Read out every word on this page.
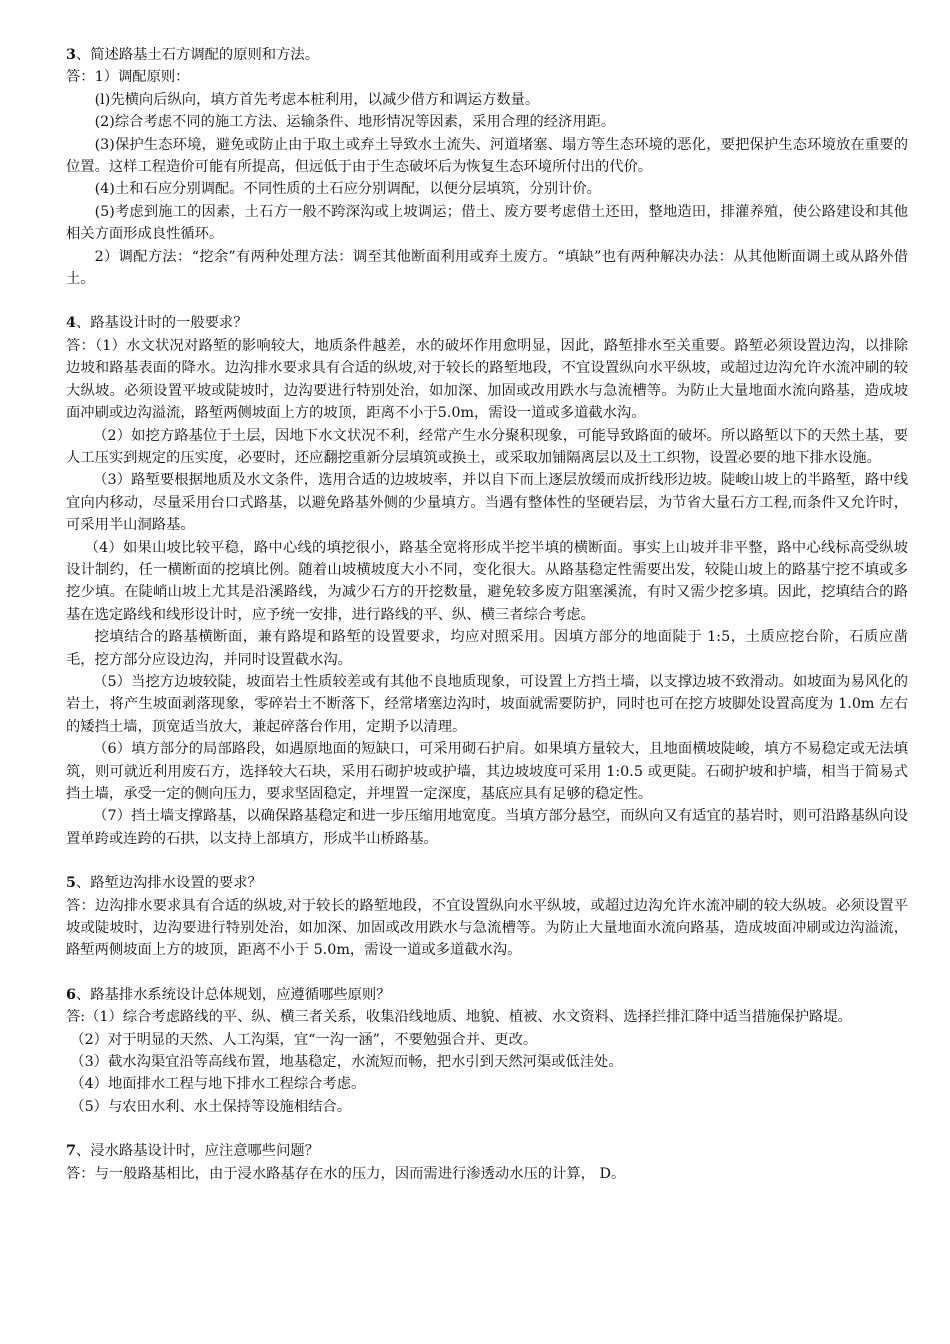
3、简述路基土石方调配的原则和方法。

答：1）调配原则：

(l)先横向后纵向，填方首先考虑本桩利用，以减少借方和调运方数量。

(2)综合考虑不同的施工方法、运输条件、地形情况等因素，采用合理的经济用距。

(3)保护生态环境，避免或防止由于取土或弃土导致水土流失、河道堵塞、塌方等生态环境的恶化，要把保护生态环境放在重要的位置。这样工程造价可能有所提高，但远低于由于生态破坏后为恢复生态环境所付出的代价。

(4)土和石应分别调配。不同性质的土石应分别调配，以便分层填筑，分别计价。

(5)考虑到施工的因素，土石方一般不跨深沟或上坡调运；借土、废方要考虑借土还田，整地造田，排灌养殖，使公路建设和其他相关方面形成良性循环。

2）调配方法：“挖余”有两种处理方法：调至其他断面利用或弃土废方。“填缺”也有两种解决办法：从其他断面调土或从路外借土。

4、路基设计时的一般要求？

答：（1）水文状况对路堑的影响较大，地质条件越差，水的破坏作用愈明显，因此，路堑排水至关重要。路堑必须设置边沟，以排除边坡和路基表面的降水。边沟排水要求具有合适的纵坡,对于较长的路堑地段，不宜设置纵向水平纵坡，或超过边沟允许水流冲刷的较大纵坡。必须设置平坡或陡坡时，边沟要进行特别处治，如加深、加固或改用跌水与急流槽等。为防止大量地面水流向路基，造成坡面冲刷或边沟溢流，路堑两侧坡面上方的坡顶，距离不小于5.0m，需设一道或多道截水沟。

（2）如挖方路基位于土层，因地下水文状况不利，经常产生水分聚积现象，可能导致路面的破坏。所以路堑以下的天然土基，要人工压实到规定的压实度，必要时，还应翻挖重新分层填筑或换土，或采取加铺隔离层以及土工织物，设置必要的地下排水设施。

（3）路堑要根据地质及水文条件，选用合适的边坡坡率，并以自下而上逐层放缓而成折线形边坡。陡峻山坡上的半路堑，路中线宜向内移动，尽量采用台口式路基，以避免路基外侧的少量填方。当遇有整体性的坚硬岩层，为节省大量石方工程,而条件又允许时，可采用半山洞路基。

（4）如果山坡比较平稳，路中心线的填挖很小，路基全宽将形成半挖半填的横断面。事实上山坡并非平整，路中心线标高受纵坡设计制约，任一横断面的挖填比例。随着山坡横坡度大小不同，变化很大。从路基稳定性需要出发，较陡山坡上的路基宁挖不填或多挖少填。在陡峭山坡上尤其是沿溪路线，为减少石方的开挖数量，避免较多废方阻塞溪流，有时又需少挖多填。因此，挖填结合的路基在选定路线和线形设计时，应予统一安排，进行路线的平、纵、横三者综合考虑。

挖填结合的路基横断面，兼有路堤和路堑的设置要求，均应对照采用。因填方部分的地面陡于 1:5，土质应挖台阶，石质应凿毛，挖方部分应设边沟，并同时设置截水沟。

（5）当挖方边坡较陡，坡面岩土性质较差或有其他不良地质现象，可设置上方挡土墙，以支撑边坡不致滑动。如坡面为易风化的岩土，将产生坡面剥落现象，零碎岩土不断落下，经常堵塞边沟时，坡面就需要防护，同时也可在挖方坡脚处设置高度为 1.0m 左右的矮挡土墙，顶宽适当放大，兼起碎落台作用，定期予以清理。

（6）填方部分的局部路段，如遇原地面的短缺口，可采用砌石护肩。如果填方量较大，且地面横坡陡峻，填方不易稳定或无法填筑，则可就近利用废石方，选择较大石块，采用石砌护坡或护墙，其边坡坡度可采用 1:0.5 或更陡。石砌护坡和护墙，相当于简易式挡土墙，承受一定的侧向压力，要求坚固稳定，并埋置一定深度，基底应具有足够的稳定性。

（7）挡土墙支撑路基，以确保路基稳定和进一步压缩用地宽度。当填方部分悬空，而纵向又有适宜的基岩时，则可沿路基纵向设置单跨或连跨的石拱，以支持上部填方，形成半山桥路基。

5、路堑边沟排水设置的要求？

答：边沟排水要求具有合适的纵坡,对于较长的路堑地段，不宜设置纵向水平纵坡，或超过边沟允许水流冲刷的较大纵坡。必须设置平坡或陡坡时，边沟要进行特别处治，如加深、加固或改用跌水与急流槽等。为防止大量地面水流向路基，造成坡面冲刷或边沟溢流，路堑两侧坡面上方的坡顶，距离不小于 5.0m，需设一道或多道截水沟。

6、路基排水系统设计总体规划，应遵循哪些原则？

答:（1）综合考虑路线的平、纵、横三者关系，收集沿线地质、地貌、植被、水文资料、选择拦排汇降中适当措施保护路堤。

（2）对于明显的天然、人工沟渠，宜“一沟一涵”，不要勉强合并、更改。

（3）截水沟渠宜沿等高线布置，地基稳定，水流短而畅，把水引到天然河渠或低洼处。

（4）地面排水工程与地下排水工程综合考虑。

（5）与农田水利、水土保持等设施相结合。

7、浸水路基设计时，应注意哪些问题？

答：与一般路基相比，由于浸水路基存在水的压力，因而需进行渗透动水压的计算， D。
